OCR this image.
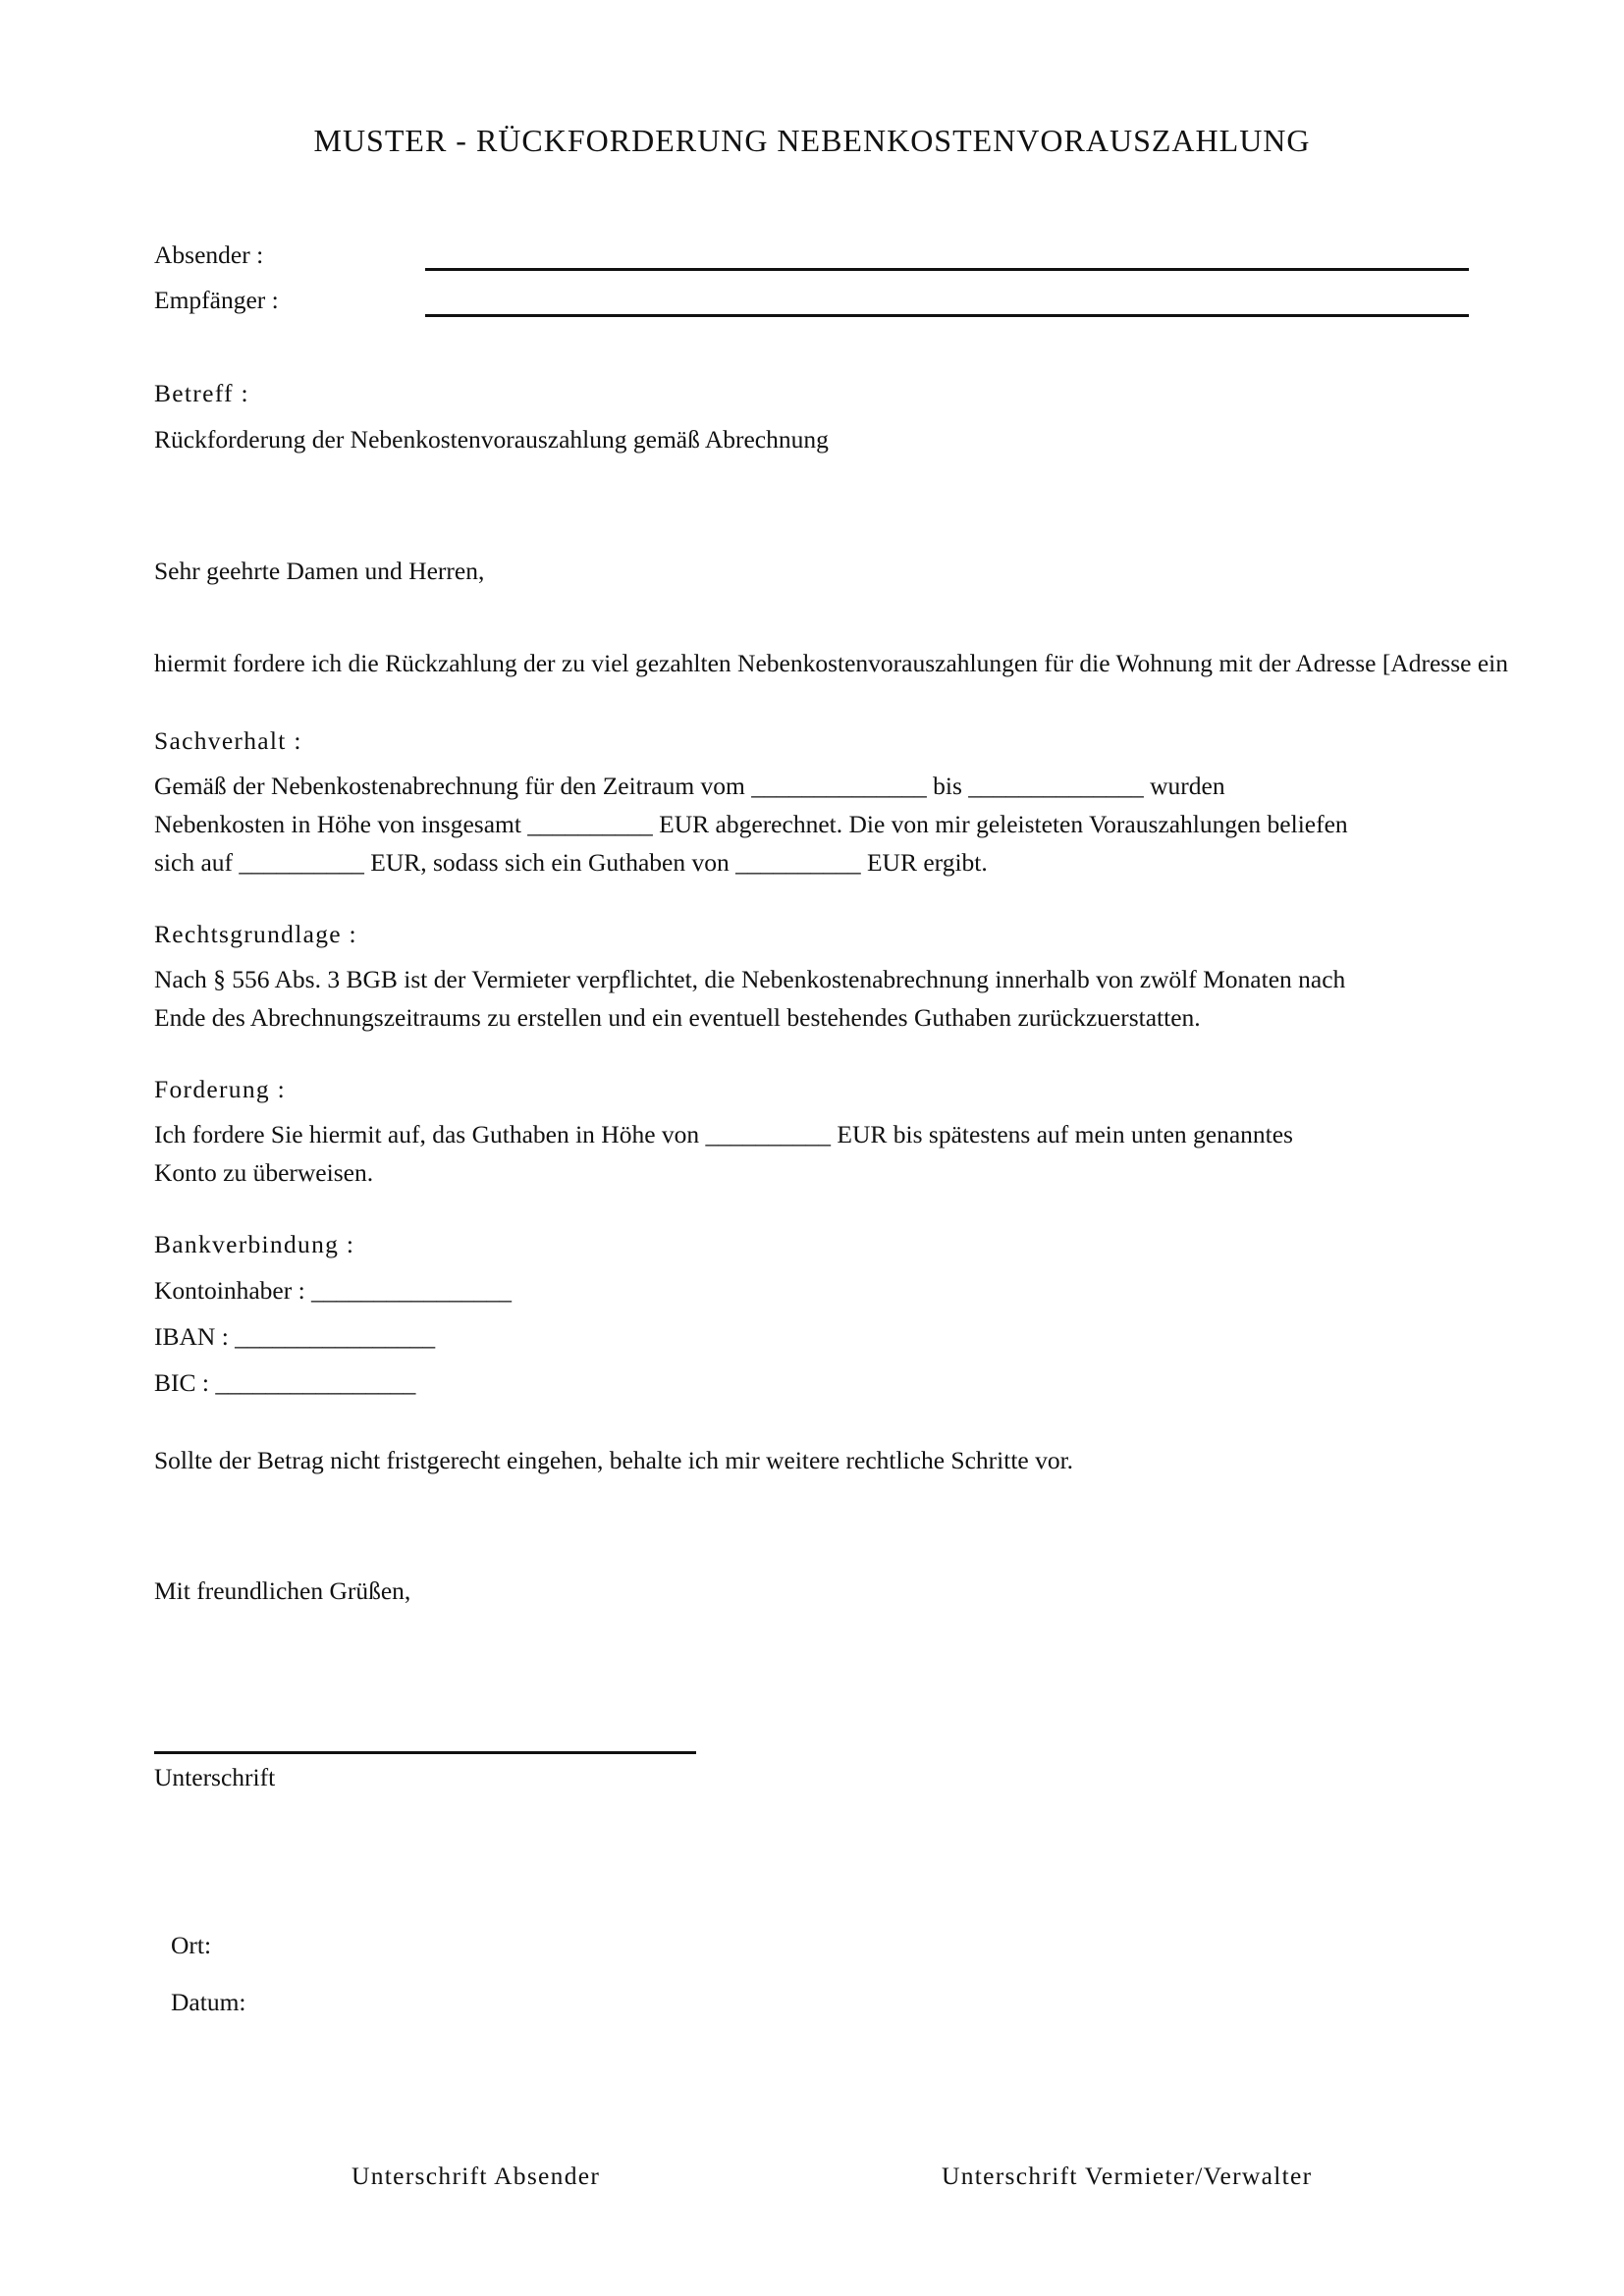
MUSTER - RÜCKFORDERUNG NEBENKOSTENVORAUSZAHLUNG
Absender :
Empfänger :
Betreff :
Rückforderung der Nebenkostenvorauszahlung gemäß Abrechnung
Sehr geehrte Damen und Herren,
hiermit fordere ich die Rückzahlung der zu viel gezahlten Nebenkostenvorauszahlungen für die Wohnung mit der Adresse [Adresse ein
Sachverhalt :
Gemäß der Nebenkostenabrechnung für den Zeitraum vom ______________ bis ______________ wurden
Nebenkosten in Höhe von insgesamt __________ EUR abgerechnet. Die von mir geleisteten Vorauszahlungen beliefen
sich auf __________ EUR, sodass sich ein Guthaben von __________ EUR ergibt.
Rechtsgrundlage :
Nach § 556 Abs. 3 BGB ist der Vermieter verpflichtet, die Nebenkostenabrechnung innerhalb von zwölf Monaten nach
Ende des Abrechnungszeitraums zu erstellen und ein eventuell bestehendes Guthaben zurückzuerstatten.
Forderung :
Ich fordere Sie hiermit auf, das Guthaben in Höhe von __________ EUR bis spätestens auf mein unten genanntes
Konto zu überweisen.
Bankverbindung :
Kontoinhaber : ________________
IBAN : ________________
BIC : ________________
Sollte der Betrag nicht fristgerecht eingehen, behalte ich mir weitere rechtliche Schritte vor.
Mit freundlichen Grüßen,
Unterschrift
Ort:
Datum:
Unterschrift Absender	Unterschrift Vermieter/Verwalter
